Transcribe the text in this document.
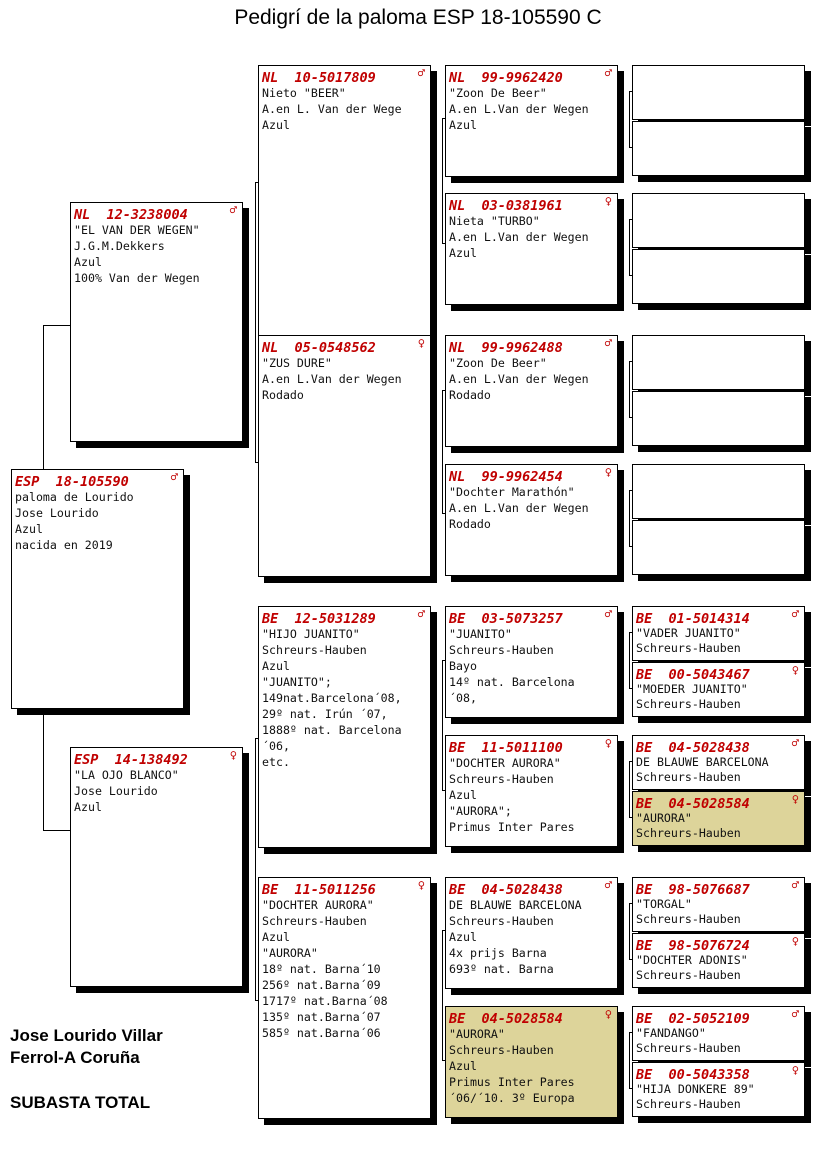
Pedigrí de la paloma ESP 18-105590 C
ESP 18-105590	♂
paloma de Lourido
Jose Lourido
Azul
nacida en 2019
NL 12-3238004	♂
"EL VAN DER WEGEN"
J.G.M.Dekkers
Azul
100% Van der Wegen
ESP 14-138492	♀
"LA OJO BLANCO"
Jose Lourido
Azul
NL 10-5017809	♂
Nieto "BEER"
A.en L. Van der Wege
Azul
NL 05-0548562	♀
"ZUS DURE"
A.en L.Van der Wegen
Rodado
BE 12-5031289	♂
"HIJO JUANITO"
Schreurs-Hauben
Azul
"JUANITO";
149nat.Barcelona´08,
29º nat. Irún ´07,
1888º nat. Barcelona
´06,
etc.
BE 11-5011256	♀
"DOCHTER AURORA"
Schreurs-Hauben
Azul
"AURORA"
18º nat. Barna´10
256º nat.Barna´09
1717º nat.Barna´08
135º nat.Barna´07
585º nat.Barna´06
NL 99-9962420	♂
"Zoon De Beer"
A.en L.Van der Wegen
Azul
NL 03-0381961	♀
Nieta "TURBO"
A.en L.Van der Wegen
Azul
NL 99-9962488	♂
"Zoon De Beer"
A.en L.Van der Wegen
Rodado
NL 99-9962454	♀
"Dochter Marathón"
A.en L.Van der Wegen
Rodado
BE 03-5073257	♂
"JUANITO"
Schreurs-Hauben
Bayo
14º nat. Barcelona
´08,
BE 11-5011100	♀
"DOCHTER AURORA"
Schreurs-Hauben
Azul
"AURORA";
Primus Inter Pares
BE 04-5028438	♂
DE BLAUWE BARCELONA
Schreurs-Hauben
Azul
4x prijs Barna
693º nat. Barna
BE 04-5028584	♀
"AURORA"
Schreurs-Hauben
Azul
Primus Inter Pares
´06/´10. 3º Europa
BE 01-5014314	♂
"VADER JUANITO"
Schreurs-Hauben
BE 00-5043467	♀
"MOEDER JUANITO"
Schreurs-Hauben
BE 04-5028438	♂
DE BLAUWE BARCELONA
Schreurs-Hauben
BE 04-5028584	♀
"AURORA"
Schreurs-Hauben
BE 98-5076687	♂
"TORGAL"
Schreurs-Hauben
BE 98-5076724	♀
"DOCHTER ADONIS"
Schreurs-Hauben
BE 02-5052109	♂
"FANDANGO"
Schreurs-Hauben
BE 00-5043358	♀
"HIJA DONKERE 89"
Schreurs-Hauben
Jose Lourido Villar
Ferrol-A Coruña
SUBASTA TOTAL
